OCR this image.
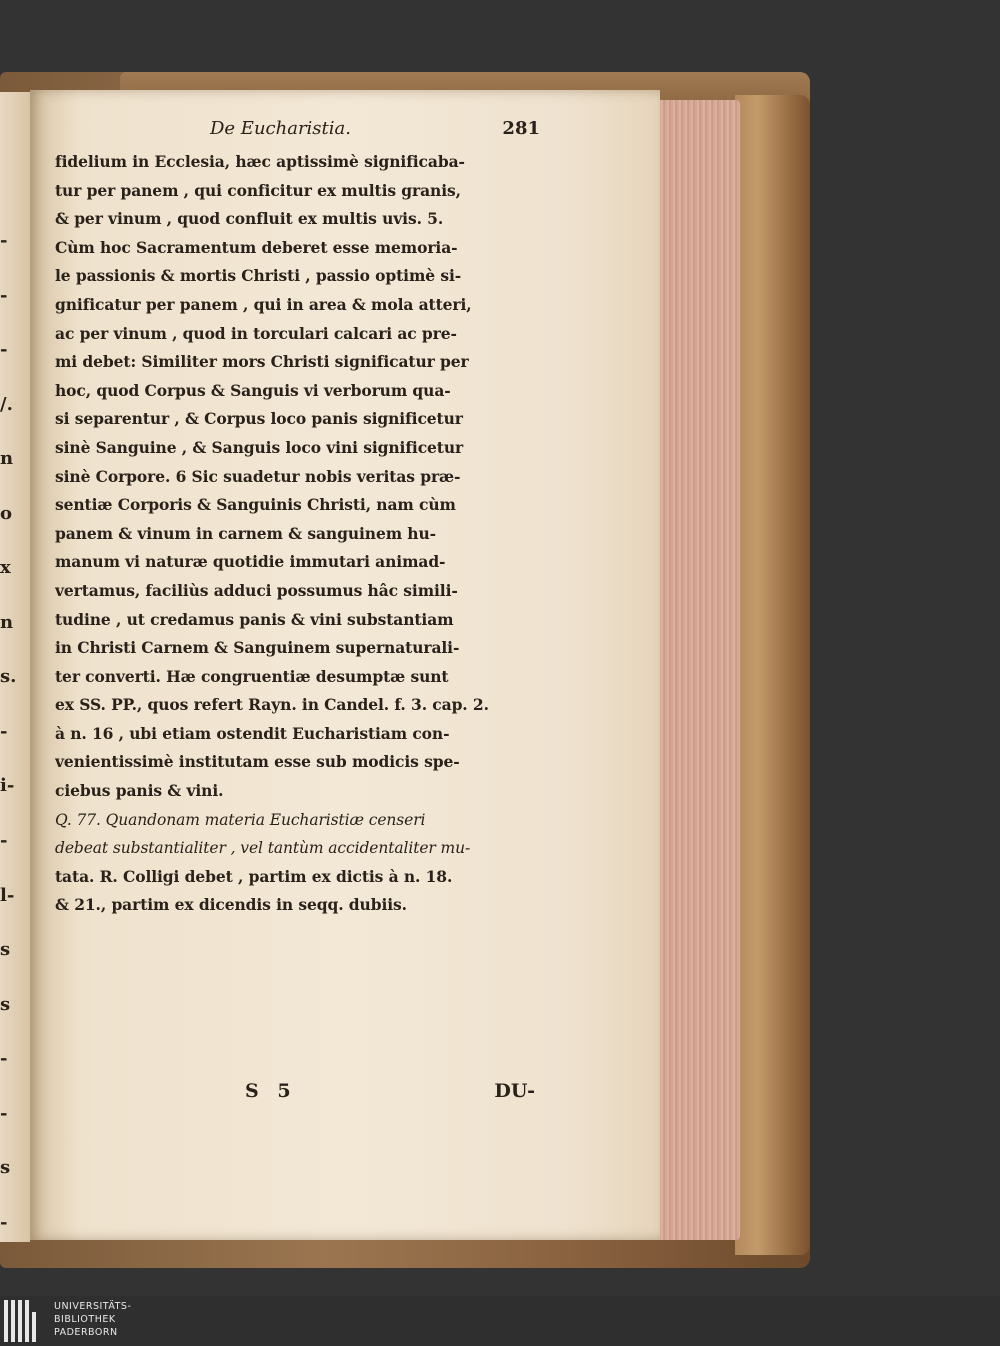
-
-
-
/.
n
o
x
n
s.
-
i-
-
l-
s
s
-
-
s
-
De Eucharistia.	281
fidelium in Ecclesia, hæc aptissimè significaba-
tur per panem , qui conficitur ex multis granis,
& per vinum , quod confluit ex multis uvis. 5.
Cùm hoc Sacramentum deberet esse memoria-
le passionis & mortis Christi , passio optimè si-
gnificatur per panem , qui in area & mola atteri,
ac per vinum , quod in torculari calcari ac pre-
mi debet: Similiter mors Christi significatur per
hoc, quod Corpus & Sanguis vi verborum qua-
si separentur , & Corpus loco panis significetur
sinè Sanguine , & Sanguis loco vini significetur
sinè Corpore. 6 Sic suadetur nobis veritas præ-
sentiæ Corporis & Sanguinis Christi, nam cùm
panem & vinum in carnem & sanguinem hu-
manum vi naturæ quotidie immutari animad-
vertamus, faciliùs adduci possumus hâc simili-
tudine , ut credamus panis & vini substantiam
in Christi Carnem & Sanguinem supernaturali-
ter converti. Hæ congruentiæ desumptæ sunt
ex SS. PP., quos refert Rayn. in Candel. f. 3. cap. 2.
à n. 16 , ubi etiam ostendit Eucharistiam con-
venientissimè institutam esse sub modicis spe-
ciebus panis & vini.
Q. 77. Quandonam materia Eucharistiæ censeri
debeat substantialiter , vel tantùm accidentaliter mu-
tata. R. Colligi debet , partim ex dictis à n. 18.
& 21., partim ex dicendis in seqq. dubiis.
S 5	DU-
UNIVERSITÄTS-
BIBLIOTHEK
PADERBORN
